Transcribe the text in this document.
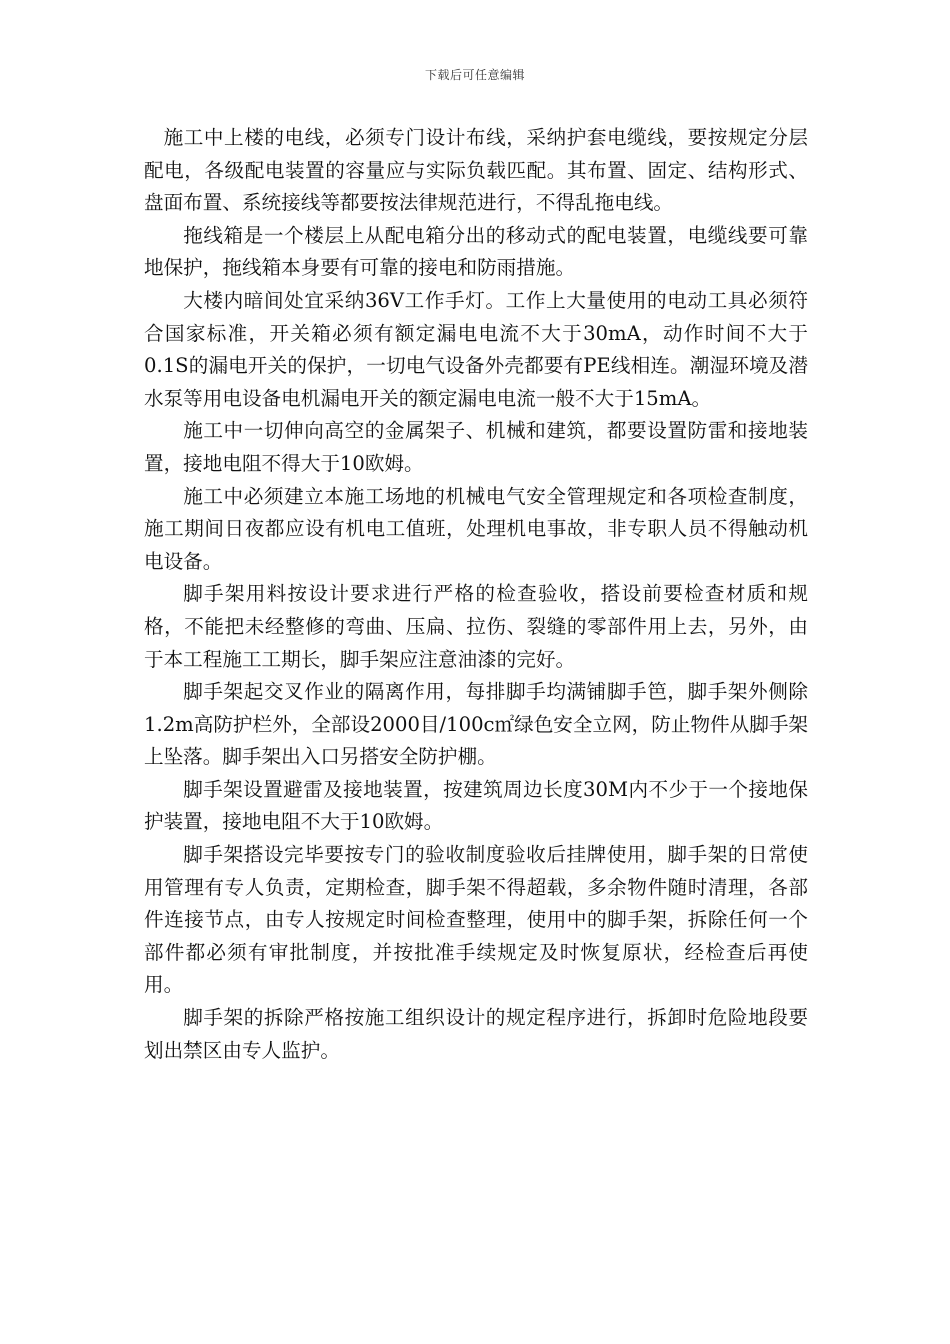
下载后可任意编辑

施工中上楼的电线，必须专门设计布线，采纳护套电缆线，要按规定分层配电，各级配电装置的容量应与实际负载匹配。其布置、固定、结构形式、盘面布置、系统接线等都要按法律规范进行，不得乱拖电线。

拖线箱是一个楼层上从配电箱分出的移动式的配电装置，电缆线要可靠地保护，拖线箱本身要有可靠的接电和防雨措施。

大楼内暗间处宜采纳36V工作手灯。工作上大量使用的电动工具必须符合国家标准，开关箱必须有额定漏电电流不大于30mA，动作时间不大于0.1S的漏电开关的保护，一切电气设备外壳都要有PE线相连。潮湿环境及潜水泵等用电设备电机漏电开关的额定漏电电流一般不大于15mA。

施工中一切伸向高空的金属架子、机械和建筑，都要设置防雷和接地装置，接地电阻不得大于10欧姆。

施工中必须建立本施工场地的机械电气安全管理规定和各项检查制度，施工期间日夜都应设有机电工值班，处理机电事故，非专职人员不得触动机电设备。

脚手架用料按设计要求进行严格的检查验收，搭设前要检查材质和规格，不能把未经整修的弯曲、压扁、拉伤、裂缝的零部件用上去，另外，由于本工程施工工期长，脚手架应注意油漆的完好。

脚手架起交叉作业的隔离作用，每排脚手均满铺脚手笆，脚手架外侧除1.2m高防护栏外，全部设2000目/100c㎡绿色安全立网，防止物件从脚手架上坠落。脚手架出入口另搭安全防护棚。

脚手架设置避雷及接地装置，按建筑周边长度30M内不少于一个接地保护装置，接地电阻不大于10欧姆。

脚手架搭设完毕要按专门的验收制度验收后挂牌使用，脚手架的日常使用管理有专人负责，定期检查，脚手架不得超载，多余物件随时清理，各部件连接节点，由专人按规定时间检查整理，使用中的脚手架，拆除任何一个部件都必须有审批制度，并按批准手续规定及时恢复原状，经检查后再使用。

脚手架的拆除严格按施工组织设计的规定程序进行，拆卸时危险地段要划出禁区由专人监护。
